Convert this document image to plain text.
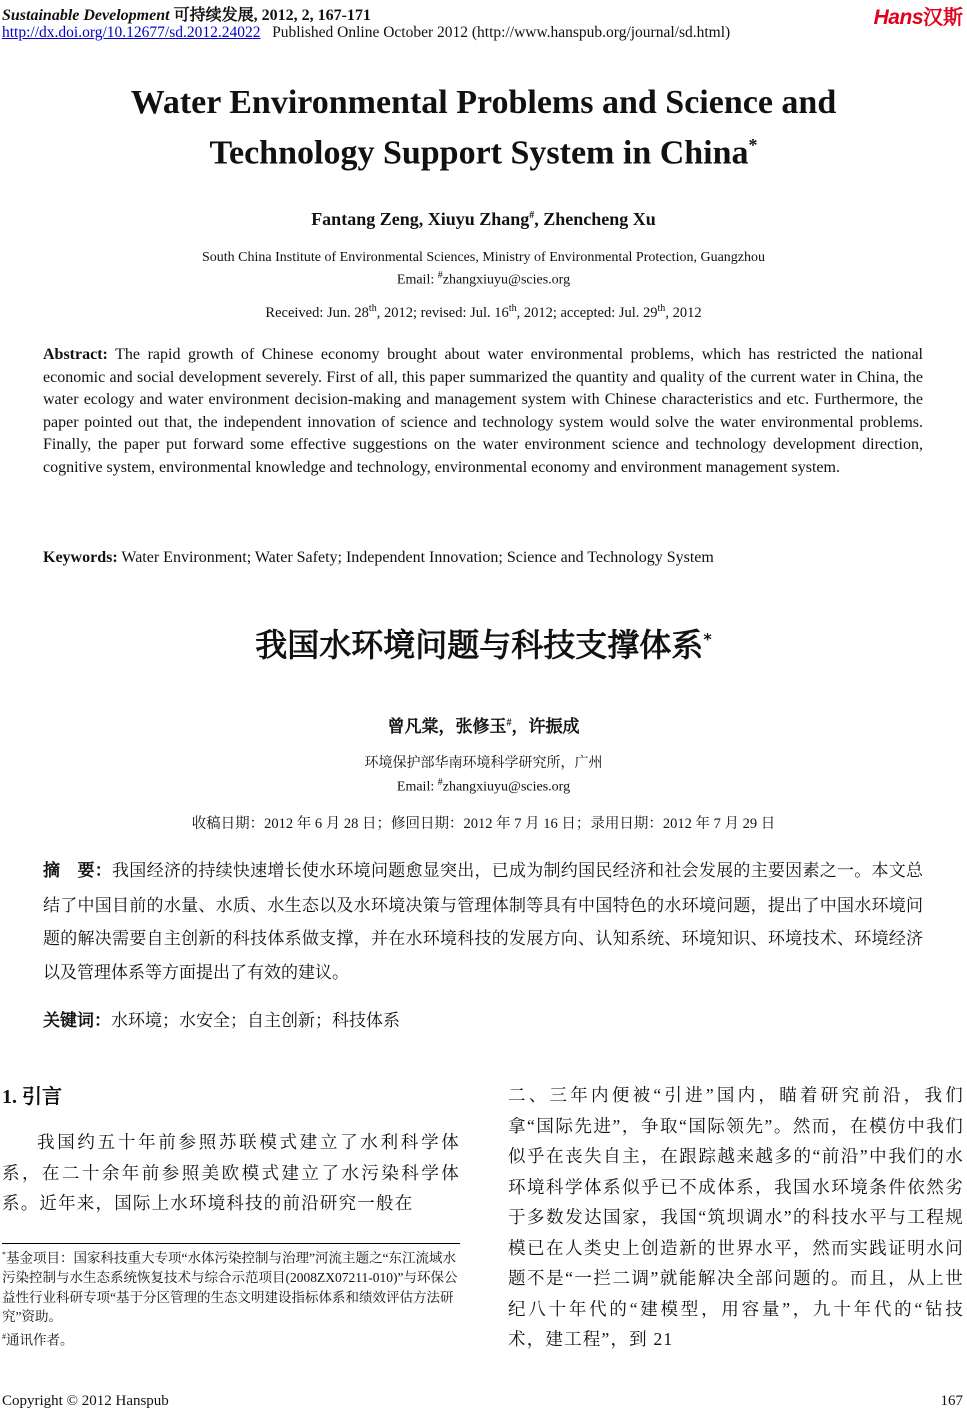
Sustainable Development 可持续发展, 2012, 2, 167-171
http://dx.doi.org/10.12677/sd.2012.24022 Published Online October 2012 (http://www.hanspub.org/journal/sd.html)
Hans汉斯
Water Environmental Problems and Science and
Technology Support System in China*
Fantang Zeng, Xiuyu Zhang#, Zhencheng Xu
South China Institute of Environmental Sciences, Ministry of Environmental Protection, Guangzhou
Email: #zhangxiuyu@scies.org
Received: Jun. 28th, 2012; revised: Jul. 16th, 2012; accepted: Jul. 29th, 2012
Abstract: The rapid growth of Chinese economy brought about water environmental problems, which has restricted the national economic and social development severely. First of all, this paper summarized the quantity and quality of the current water in China, the water ecology and water environment decision-making and management system with Chinese characteristics and etc. Furthermore, the paper pointed out that, the independent innovation of science and technology system would solve the water environmental problems. Finally, the paper put forward some effective suggestions on the water environment science and technology development direction, cognitive system, environmental knowledge and technology, environmental economy and environment management system.
Keywords: Water Environment; Water Safety; Independent Innovation; Science and Technology System
我国水环境问题与科技支撑体系*
曾凡棠，张修玉#，许振成
环境保护部华南环境科学研究所，广州
Email: #zhangxiuyu@scies.org
收稿日期：2012 年 6 月 28 日；修回日期：2012 年 7 月 16 日；录用日期：2012 年 7 月 29 日
摘　要：我国经济的持续快速增长使水环境问题愈显突出，已成为制约国民经济和社会发展的主要因素之一。本文总结了中国目前的水量、水质、水生态以及水环境决策与管理体制等具有中国特色的水环境问题，提出了中国水环境问题的解决需要自主创新的科技体系做支撑，并在水环境科技的发展方向、认知系统、环境知识、环境技术、环境经济以及管理体系等方面提出了有效的建议。
关键词：水环境；水安全；自主创新；科技体系
1. 引言
我国约五十年前参照苏联模式建立了水利科学体系，在二十余年前参照美欧模式建立了水污染科学体系。近年来，国际上水环境科技的前沿研究一般在
二、三年内便被“引进”国内，瞄着研究前沿，我们拿“国际先进”，争取“国际领先”。然而，在模仿中我们似乎在丧失自主，在跟踪越来越多的“前沿”中我们的水环境科学体系似乎已不成体系，我国水环境条件依然劣于多数发达国家，我国“筑坝调水”的科技水平与工程规模已在人类史上创造新的世界水平，然而实践证明水问题不是“一拦二调”就能解决全部问题的。而且，从上世纪八十年代的“建模型，用容量”，九十年代的“钻技术，建工程”，到 21
*基金项目：国家科技重大专项“水体污染控制与治理”河流主题之“东江流域水污染控制与水生态系统恢复技术与综合示范项目(2008ZX07211-010)”与环保公益性行业科研专项“基于分区管理的生态文明建设指标体系和绩效评估方法研究”资助。
#通讯作者。
Copyright © 2012 Hanspub	167
